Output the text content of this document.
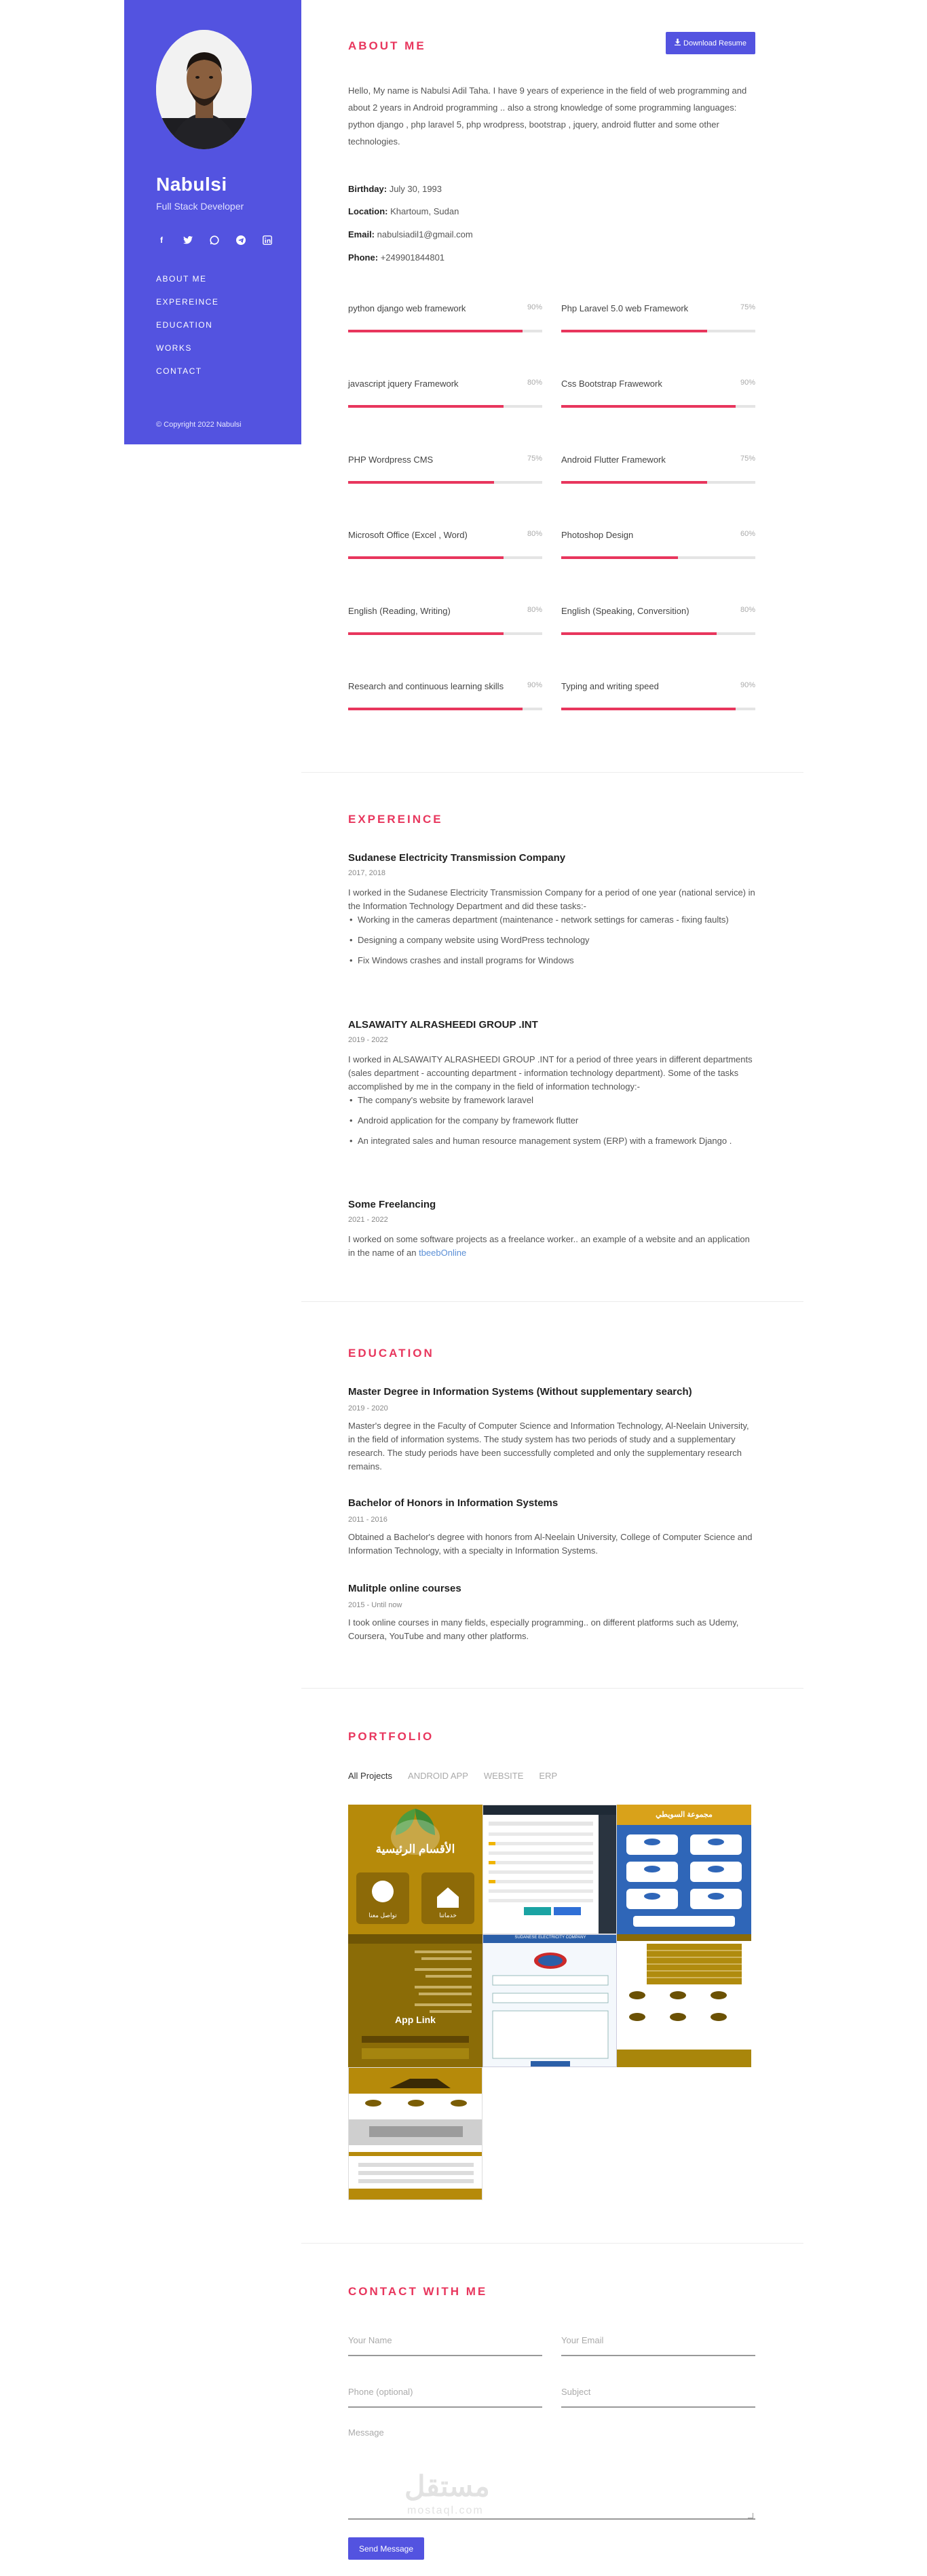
Nabulsi
Full Stack Developer
f
ABOUT ME
EXPEREINCE
EDUCATION
WORKS
CONTACT
© Copyright 2022 Nabulsi
ABOUT ME	Download Resume
Hello, My name is Nabulsi Adil Taha. I have 9 years of experience in the field of web programming and about 2 years in Android programming .. also a strong knowledge of some programming languages: python django , php laravel 5, php wrodpress, bootstrap , jquery, android flutter and some other technologies.
Birthday: July 30, 1993
Location: Khartoum, Sudan
Email: nabulsiadil1@gmail.com
Phone: +249901844801
python django web framework	90% Php Laravel 5.0 web Framework	75%
javascript jquery Framework	80% Css Bootstrap Frawework	90%
PHP Wordpress CMS	75% Android Flutter Framework	75%
Microsoft Office (Excel , Word)	80% Photoshop Design	60%
English (Reading, Writing)	80% English (Speaking, Conversition)	80%
Research and continuous learning skills	90% Typing and writing speed	90%
EXPEREINCE
Sudanese Electricity Transmission Company
2017, 2018
I worked in the Sudanese Electricity Transmission Company for a period of one year (national service) in the Information Technology Department and did these tasks:-
• Working in the cameras department (maintenance - network settings for cameras - fixing faults)
• Designing a company website using WordPress technology
• Fix Windows crashes and install programs for Windows
ALSAWAITY ALRASHEEDI GROUP .INT
2019 - 2022
I worked in ALSAWAITY ALRASHEEDI GROUP .INT for a period of three years in different departments (sales department - accounting department - information technology department). Some of the tasks accomplished by me in the company in the field of information technology:-
• The company's website by framework laravel
• Android application for the company by framework flutter
• An integrated sales and human resource management system (ERP) with a framework Django .
Some Freelancing
2021 - 2022
I worked on some software projects as a freelance worker.. an example of a website and an application in the name of an tbeebOnline
EDUCATION
Master Degree in Information Systems (Without supplementary search)
2019 - 2020
Master's degree in the Faculty of Computer Science and Information Technology, Al-Neelain University, in the field of information systems. The study system has two periods of study and a supplementary research. The study periods have been successfully completed and only the supplementary research remains.
Bachelor of Honors in Information Systems
2011 - 2016
Obtained a Bachelor's degree with honors from Al-Neelain University, College of Computer Science and Information Technology, with a specialty in Information Systems.
Mulitple online courses
2015 - Until now
I took online courses in many fields, especially programming.. on different platforms such as Udemy, Coursera, YouTube and many other platforms.
PORTFOLIO
All Projects ANDROID APP WEBSITE ERP
الأقسام الرئيسية
تواصل معنا	خدماتنا
مجموعة السويطي
App Link
SUDANESE ELECTRICITY COMPANY
CONTACT WITH ME
Your Name	Your Email
Phone (optional)	Subject
Message
مستقل
mostaql.com
Send Message
